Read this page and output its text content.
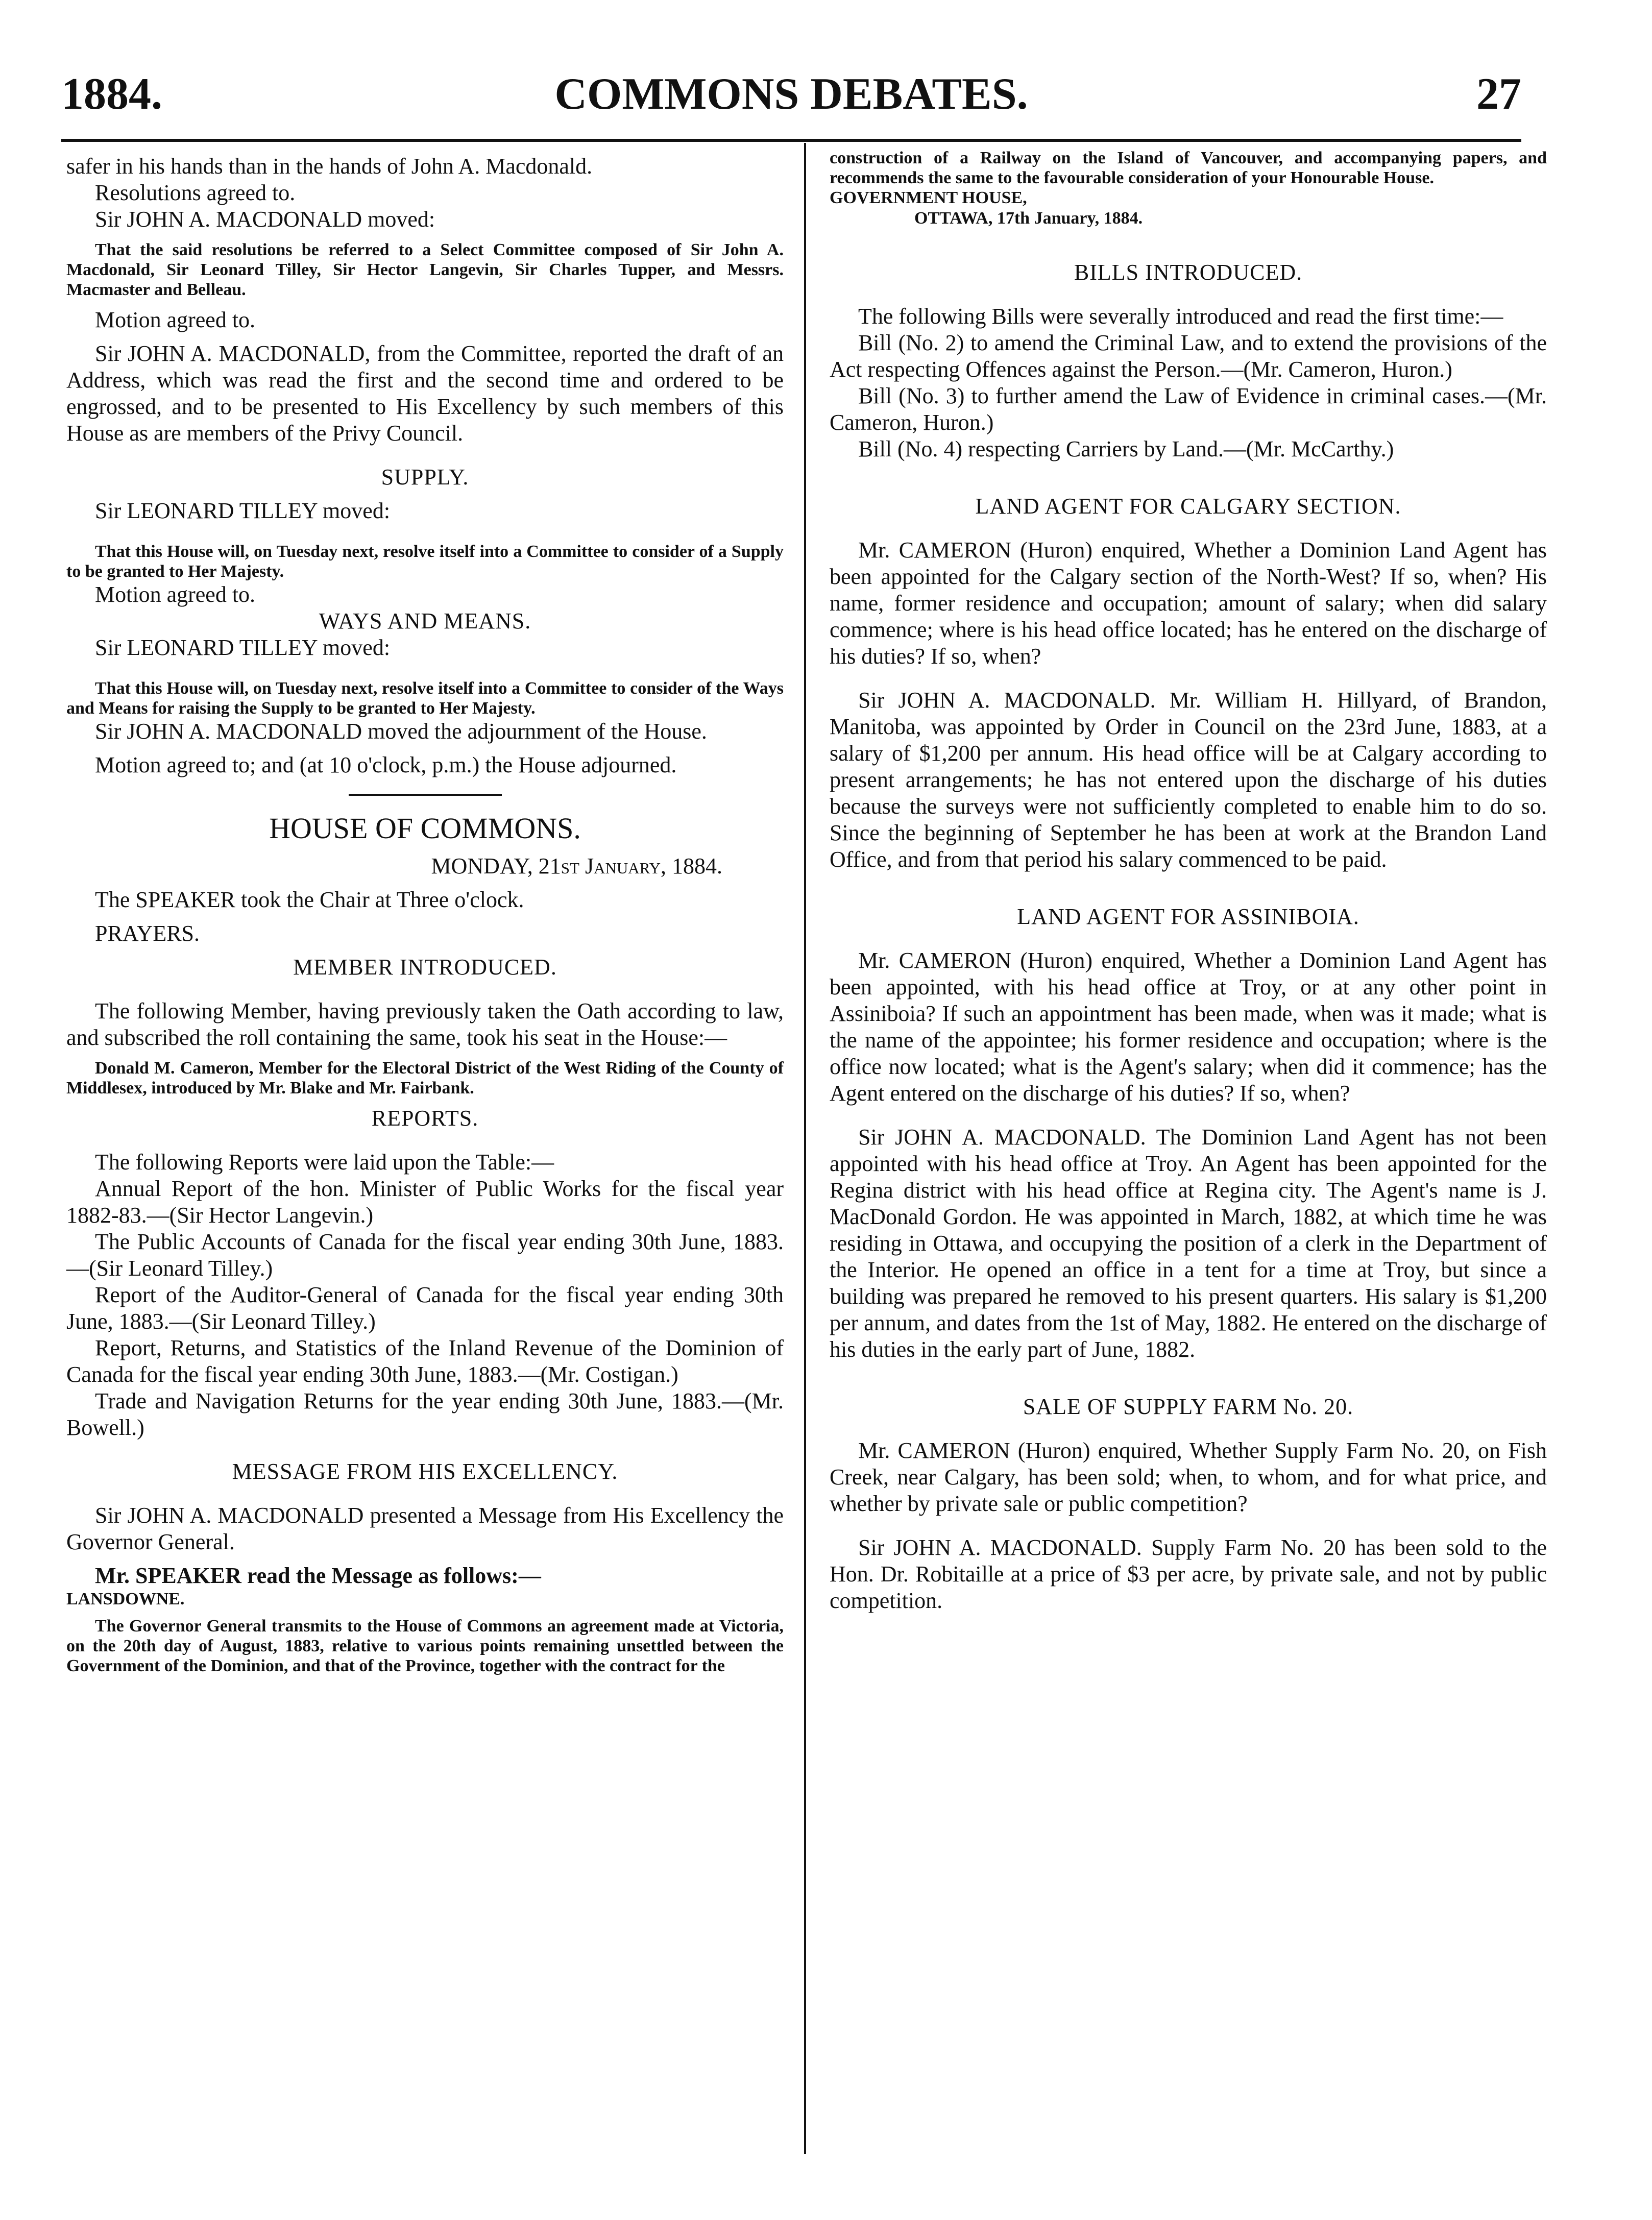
1884.	COMMONS DEBATES.	27

safer in his hands than in the hands of John A. Macdonald.

Resolutions agreed to.

Sir JOHN A. MACDONALD moved:

That the said resolutions be referred to a Select Committee composed of Sir John A. Macdonald, Sir Leonard Tilley, Sir Hector Langevin, Sir Charles Tupper, and Messrs. Macmaster and Belleau.

Motion agreed to.

Sir JOHN A. MACDONALD, from the Committee, reported the draft of an Address, which was read the first and the second time and ordered to be engrossed, and to be presented to His Excellency by such members of this House as are members of the Privy Council.

SUPPLY.

Sir LEONARD TILLEY moved:

That this House will, on Tuesday next, resolve itself into a Committee to consider of a Supply to be granted to Her Majesty.

Motion agreed to.

WAYS AND MEANS.

Sir LEONARD TILLEY moved:

That this House will, on Tuesday next, resolve itself into a Committee to consider of the Ways and Means for raising the Supply to be granted to Her Majesty.

Sir JOHN A. MACDONALD moved the adjournment of the House.

Motion agreed to; and (at 10 o'clock, p.m.) the House adjourned.

HOUSE OF COMMONS.

MONDAY, 21st January, 1884.

The SPEAKER took the Chair at Three o'clock.

PRAYERS.

MEMBER INTRODUCED.

The following Member, having previously taken the Oath according to law, and subscribed the roll containing the same, took his seat in the House:—

Donald M. Cameron, Member for the Electoral District of the West Riding of the County of Middlesex, introduced by Mr. Blake and Mr. Fairbank.

REPORTS.

The following Reports were laid upon the Table:—

Annual Report of the hon. Minister of Public Works for the fiscal year 1882-83.—(Sir Hector Langevin.)

The Public Accounts of Canada for the fiscal year ending 30th June, 1883.—(Sir Leonard Tilley.)

Report of the Auditor-General of Canada for the fiscal year ending 30th June, 1883.—(Sir Leonard Tilley.)

Report, Returns, and Statistics of the Inland Revenue of the Dominion of Canada for the fiscal year ending 30th June, 1883.—(Mr. Costigan.)

Trade and Navigation Returns for the year ending 30th June, 1883.—(Mr. Bowell.)

MESSAGE FROM HIS EXCELLENCY.

Sir JOHN A. MACDONALD presented a Message from His Excellency the Governor General.

Mr. SPEAKER read the Message as follows:—

LANSDOWNE.

The Governor General transmits to the House of Commons an agreement made at Victoria, on the 20th day of August, 1883, relative to various points remaining unsettled between the Government of the Dominion, and that of the Province, together with the contract for the

construction of a Railway on the Island of Vancouver, and accompanying papers, and recommends the same to the favourable consideration of your Honourable House.

GOVERNMENT HOUSE,

OTTAWA, 17th January, 1884.

BILLS INTRODUCED.

The following Bills were severally introduced and read the first time:—

Bill (No. 2) to amend the Criminal Law, and to extend the provisions of the Act respecting Offences against the Person.—(Mr. Cameron, Huron.)

Bill (No. 3) to further amend the Law of Evidence in criminal cases.—(Mr. Cameron, Huron.)

Bill (No. 4) respecting Carriers by Land.—(Mr. McCarthy.)

LAND AGENT FOR CALGARY SECTION.

Mr. CAMERON (Huron) enquired, Whether a Dominion Land Agent has been appointed for the Calgary section of the North-West? If so, when? His name, former residence and occupation; amount of salary; when did salary commence; where is his head office located; has he entered on the discharge of his duties? If so, when?

Sir JOHN A. MACDONALD. Mr. William H. Hillyard, of Brandon, Manitoba, was appointed by Order in Council on the 23rd June, 1883, at a salary of $1,200 per annum. His head office will be at Calgary according to present arrangements; he has not entered upon the discharge of his duties because the surveys were not sufficiently completed to enable him to do so. Since the beginning of September he has been at work at the Brandon Land Office, and from that period his salary commenced to be paid.

LAND AGENT FOR ASSINIBOIA.

Mr. CAMERON (Huron) enquired, Whether a Dominion Land Agent has been appointed, with his head office at Troy, or at any other point in Assiniboia? If such an appointment has been made, when was it made; what is the name of the appointee; his former residence and occupation; where is the office now located; what is the Agent's salary; when did it commence; has the Agent entered on the discharge of his duties? If so, when?

Sir JOHN A. MACDONALD. The Dominion Land Agent has not been appointed with his head office at Troy. An Agent has been appointed for the Regina district with his head office at Regina city. The Agent's name is J. MacDonald Gordon. He was appointed in March, 1882, at which time he was residing in Ottawa, and occupying the position of a clerk in the Department of the Interior. He opened an office in a tent for a time at Troy, but since a building was prepared he removed to his present quarters. His salary is $1,200 per annum, and dates from the 1st of May, 1882. He entered on the discharge of his duties in the early part of June, 1882.

SALE OF SUPPLY FARM No. 20.

Mr. CAMERON (Huron) enquired, Whether Supply Farm No. 20, on Fish Creek, near Calgary, has been sold; when, to whom, and for what price, and whether by private sale or public competition?

Sir JOHN A. MACDONALD. Supply Farm No. 20 has been sold to the Hon. Dr. Robitaille at a price of $3 per acre, by private sale, and not by public competition.
